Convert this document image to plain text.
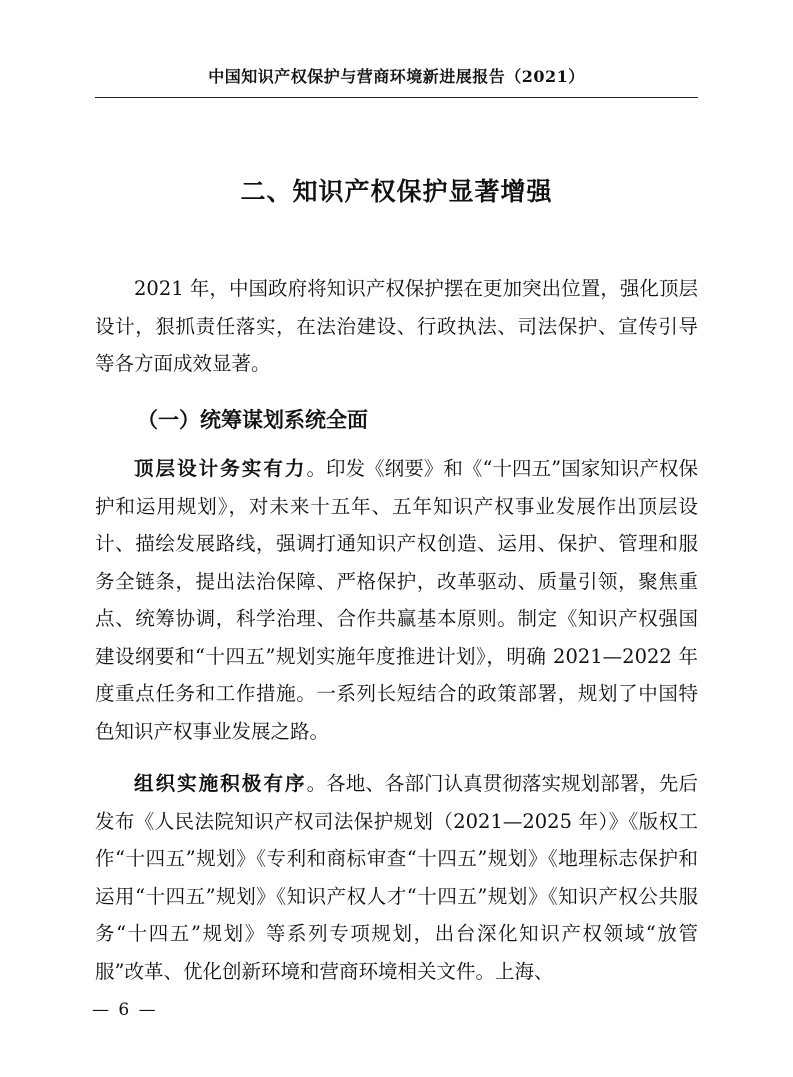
中国知识产权保护与营商环境新进展报告（2021）
二、知识产权保护显著增强

2021 年，中国政府将知识产权保护摆在更加突出位置，强化顶层设计，狠抓责任落实，在法治建设、行政执法、司法保护、宣传引导等各方面成效显著。

（一）统筹谋划系统全面

顶层设计务实有力。印发《纲要》和《“十四五”国家知识产权保护和运用规划》，对未来十五年、五年知识产权事业发展作出顶层设计、描绘发展路线，强调打通知识产权创造、运用、保护、管理和服务全链条，提出法治保障、严格保护，改革驱动、质量引领，聚焦重点、统筹协调，科学治理、合作共赢基本原则。制定《知识产权强国建设纲要和“十四五”规划实施年度推进计划》，明确 2021—2022 年度重点任务和工作措施。一系列长短结合的政策部署，规划了中国特色知识产权事业发展之路。

组织实施积极有序。各地、各部门认真贯彻落实规划部署，先后发布《人民法院知识产权司法保护规划（2021—2025 年）》《版权工作“十四五”规划》《专利和商标审查“十四五”规划》《地理标志保护和运用“十四五”规划》《知识产权人才“十四五”规划》《知识产权公共服务“十四五”规划》等系列专项规划，出台深化知识产权领域“放管服”改革、优化创新环境和营商环境相关文件。上海、

— 6 —
